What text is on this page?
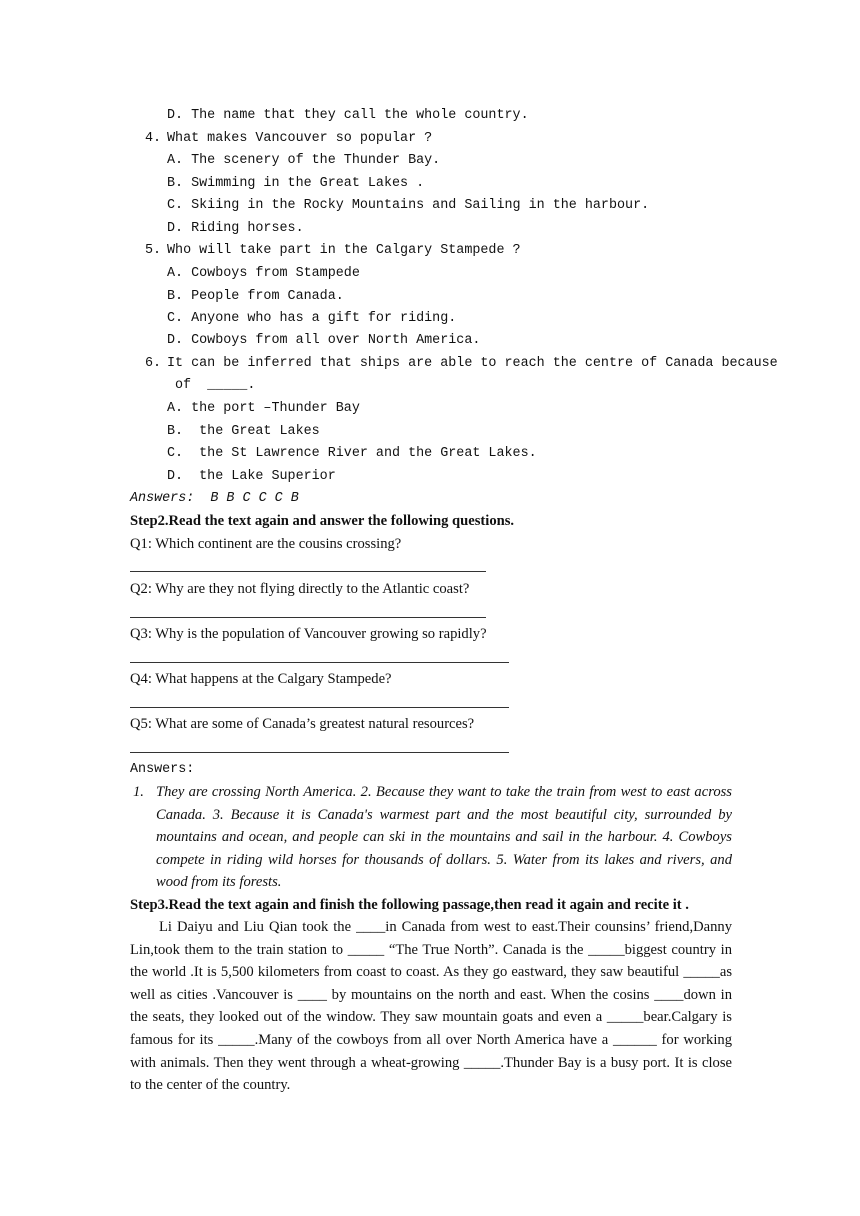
D. The name that they call the whole country.
4. What makes Vancouver so popular ?
A. The scenery of the Thunder Bay.
B. Swimming in the Great Lakes .
C. Skiing in the Rocky Mountains and Sailing in the harbour.
D. Riding horses.
5. Who will take part in the Calgary Stampede ?
A. Cowboys from Stampede
B. People from Canada.
C. Anyone who has a gift for riding.
D. Cowboys from all over North America.
6. It can be inferred that ships are able to reach the centre of Canada because
of  _____.
A. the port –Thunder Bay
B.  the Great Lakes
C.  the St Lawrence River and the Great Lakes.
D.  the Lake Superior
Answers:  B B C C C B
Step2.Read the text again and answer the following questions.
Q1: Which continent are the cousins crossing?
Q2: Why are they not flying directly to the Atlantic coast?
Q3: Why is the population of Vancouver growing so rapidly?
Q4: What happens at the Calgary Stampede?
Q5: What are some of Canada’s greatest natural resources?
Answers:
1. They are crossing North America. 2. Because they want to take the train from west to east across Canada. 3. Because it is Canada's warmest part and the most beautiful city, surrounded by mountains and ocean, and people can ski in the mountains and sail in the harbour. 4. Cowboys compete in riding wild horses for thousands of dollars. 5. Water from its lakes and rivers, and wood from its forests.
Step3.Read the text again and finish the following passage,then read it again and recite it .

Li Daiyu and Liu Qian took the ____in Canada from west to east.Their counsins’ friend,Danny Lin,took them to the train station to _____ “The True North”. Canada is the _____biggest country in the world .It is 5,500 kilometers from coast to coast. As they go eastward, they saw beautiful _____as well as cities .Vancouver is ____ by mountains on the north and east. When the cosins ____down in the seats, they looked out of the window. They saw mountain goats and even a _____bear.Calgary is famous for its _____.Many of the cowboys from all over North America have a ______ for working with animals. Then they went through a wheat-growing _____.Thunder Bay is a busy port. It is close to the center of the country.
